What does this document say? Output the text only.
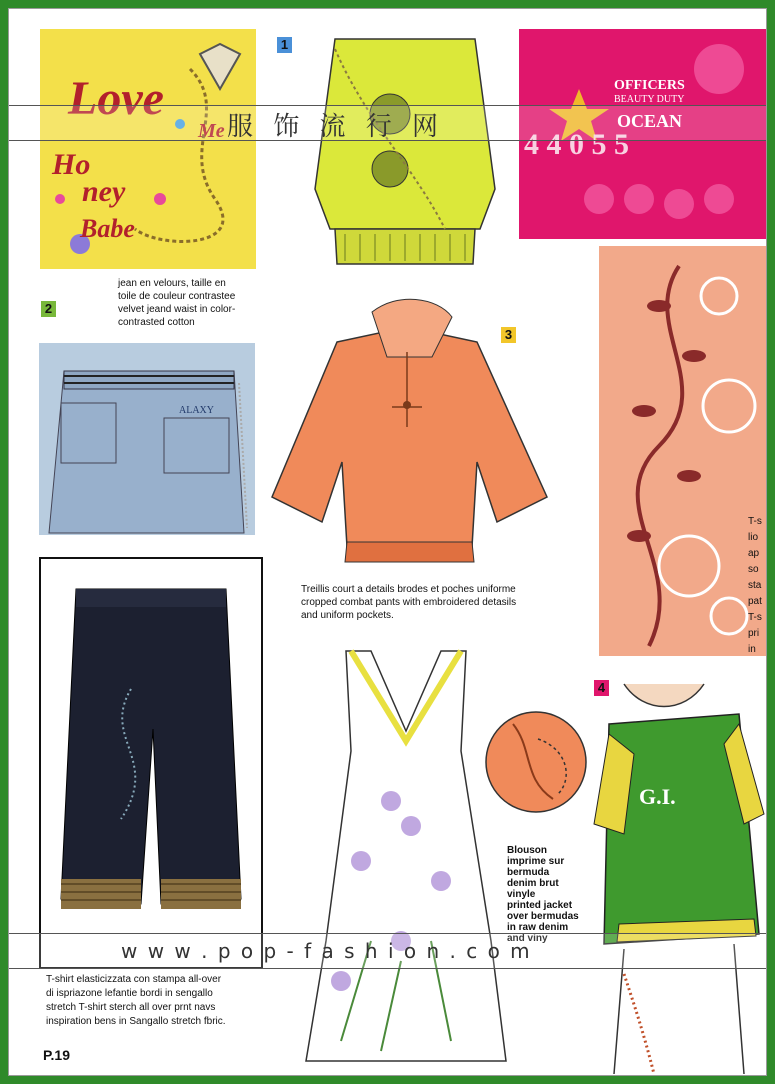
Love
Me
Ho
ney
Babe
1
OFFICERS
BEAUTY DUTY
OCEAN
4 4 0 5 5
jean en velours, taille en
toile de couleur contrastee
velvet jeand waist in color-
contrasted cotton
2
ALAXY
3
T-s
lio
ap
so
sta
pat
T-s
pri
in
Treillis court a details brodes et poches uniforme
cropped combat pants with embroidered detasils
and uniform pockets.
4
Blouson
imprime sur
bermuda
denim brut
vinyle
printed jacket
over bermudas
in raw denim
and viny
G.I.
T-shirt elasticizzata con stampa all-over
di isprіazone lefantie bordi in sengallo
stretch T-shirt sterch all over prnt navs
inspiration bens in Sangallo stretch fbric.
P.19
服 饰 流 行 网
w w w . p o p - f a s h i o n . c o m
